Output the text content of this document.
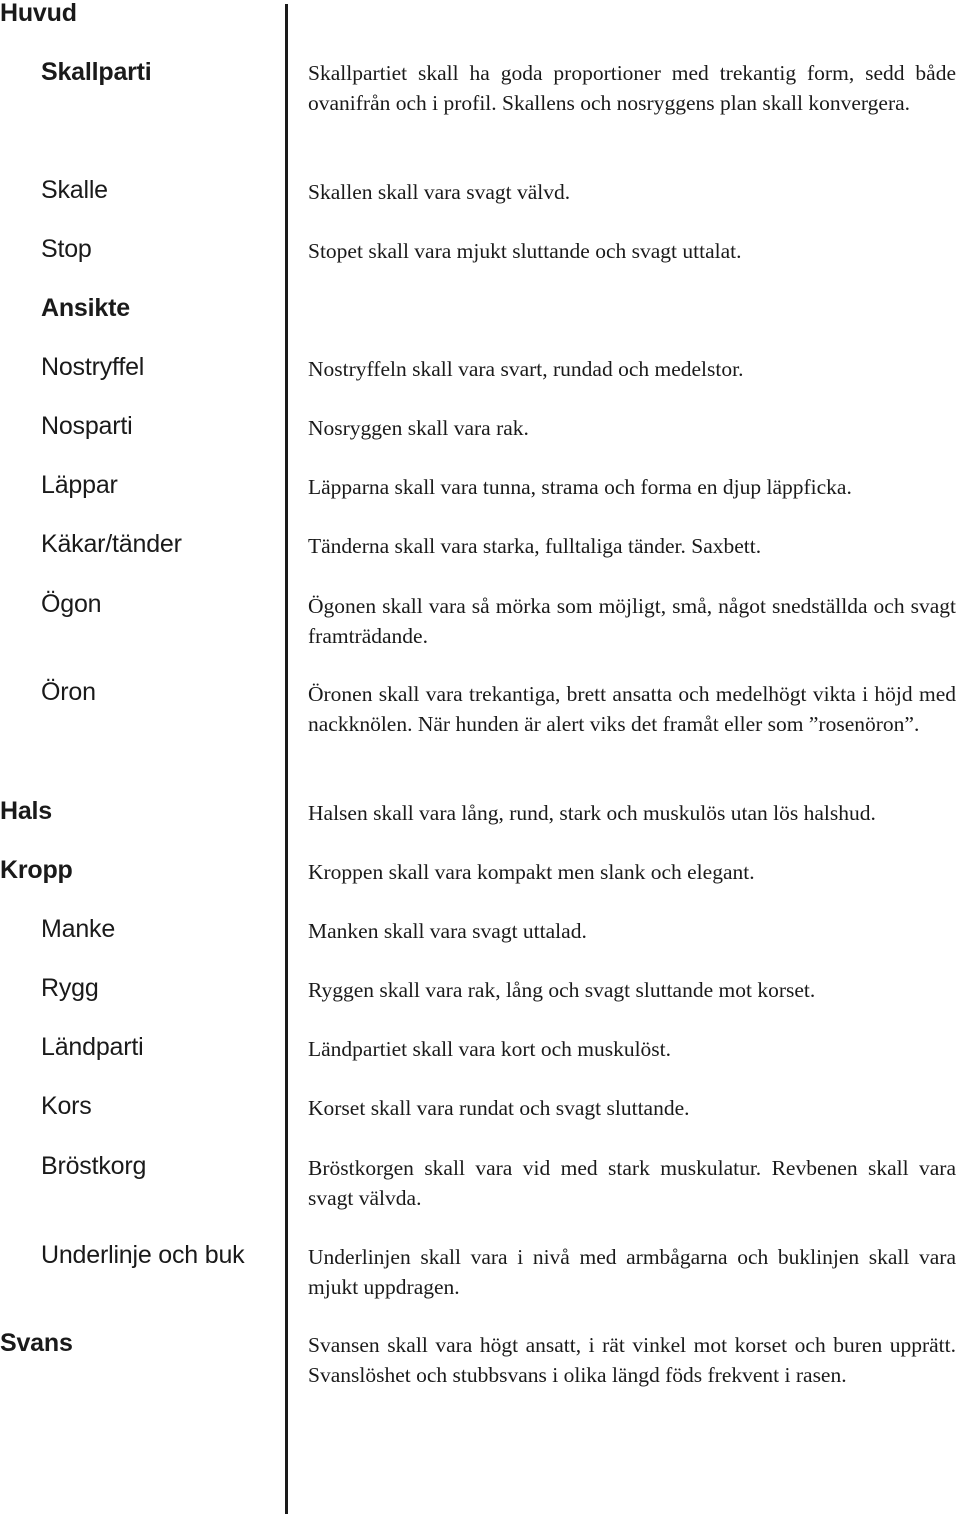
Huvud
Skallparti
Skalle
Stop
Ansikte
Nostryffel
Nosparti
Läppar
Käkar/tänder
Ögon
Öron
Hals
Kropp
Manke
Rygg
Ländparti
Kors
Bröstkorg
Underlinje och buk
Svans
Skallpartiet skall ha goda proportioner med trekantig form, sedd både ovanifrån och i profil. Skallens och nosryggens plan skall konvergera.
Skallen skall vara svagt välvd.
Stopet skall vara mjukt sluttande och svagt uttalat.
Nostryffeln skall vara svart, rundad och medelstor.
Nosryggen skall vara rak.
Läpparna skall vara tunna, strama och forma en djup läppficka.
Tänderna skall vara starka, fulltaliga tänder. Saxbett.
Ögonen skall vara så mörka som möjligt, små, något snedställda och svagt framträdande.
Öronen skall vara trekantiga, brett ansatta och medelhögt vikta i höjd med nackknölen. När hunden är alert viks det framåt eller som ”rosenöron”.
Halsen skall vara lång, rund, stark och muskulös utan lös halshud.
Kroppen skall vara kompakt men slank och elegant.
Manken skall vara svagt uttalad.
Ryggen skall vara rak, lång och svagt sluttande mot korset.
Ländpartiet skall vara kort och muskulöst.
Korset skall vara rundat och svagt sluttande.
Bröstkorgen skall vara vid med stark muskulatur. Revbenen skall vara svagt välvda.
Underlinjen skall vara i nivå med armbågarna och buklinjen skall vara mjukt uppdragen.
Svansen skall vara högt ansatt, i rät vinkel mot korset och buren upprätt. Svanslöshet och stubbsvans i olika längd föds frekvent i rasen.
